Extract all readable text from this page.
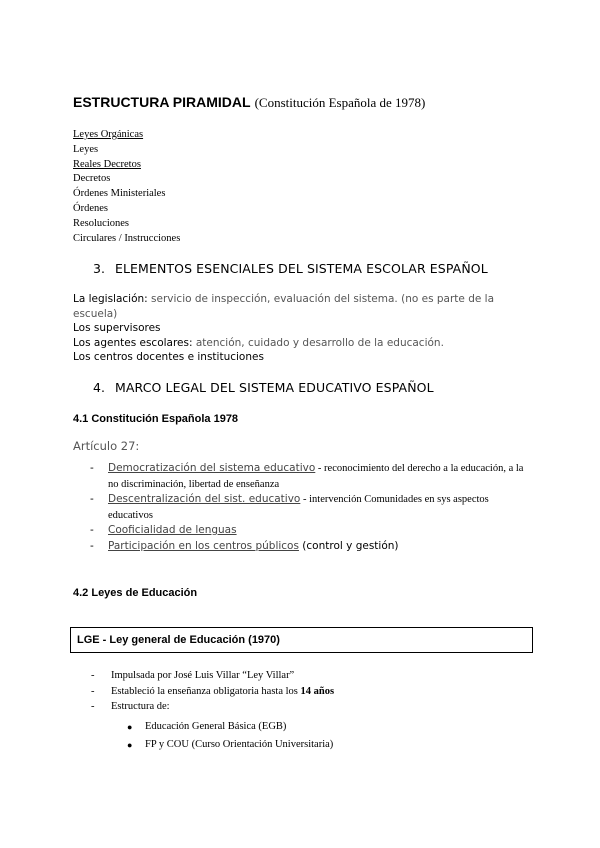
ESTRUCTURA PIRAMIDAL (Constitución Española de 1978)
Leyes Orgánicas
Leyes
Reales Decretos
Decretos
Órdenes Ministeriales
Órdenes
Resoluciones
Circulares / Instrucciones
3. ELEMENTOS ESENCIALES DEL SISTEMA ESCOLAR ESPAÑOL

La legislación: servicio de inspección, evaluación del sistema. (no es parte de la escuela)

Los supervisores

Los agentes escolares: atención, cuidado y desarrollo de la educación.

Los centros docentes e instituciones

4. MARCO LEGAL DEL SISTEMA EDUCATIVO ESPAÑOL
4.1 Constitución Española 1978
Artículo 27:
- Democratización del sistema educativo - reconocimiento del derecho a la educación, a la no discriminación, libertad de enseñanza
- Descentralización del sist. educativo - intervención Comunidades en sys aspectos educativos
- Cooficialidad de lenguas
- Participación en los centros públicos (control y gestión)
4.2 Leyes de Educación
LGE - Ley general de Educación (1970)
- Impulsada por José Luis Villar “Ley Villar”
- Estableció la enseñanza obligatoria hasta los 14 años
- Estructura de:
● Educación General Básica (EGB)
● FP y COU (Curso Orientación Universitaria)
